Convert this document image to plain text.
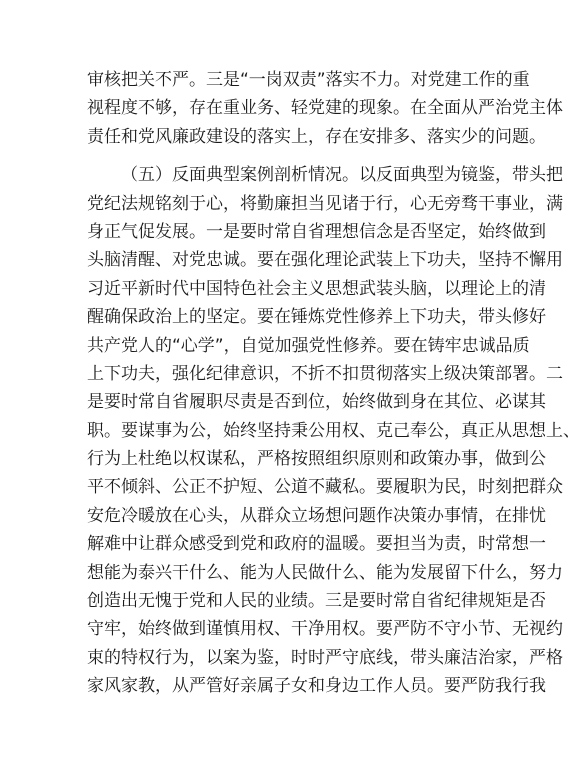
审核把关不严。三是“一岗双责”落实不力。对党建工作的重
视程度不够，存在重业务、轻党建的现象。在全面从严治党主体
责任和党风廉政建设的落实上，存在安排多、落实少的问题。
（五）反面典型案例剖析情况。以反面典型为镜鉴，带头把
党纪法规铭刻于心，将勤廉担当见诸于行，心无旁骛干事业，满
身正气促发展。一是要时常自省理想信念是否坚定，始终做到
头脑清醒、对党忠诚。要在强化理论武装上下功夫，坚持不懈用
习近平新时代中国特色社会主义思想武装头脑，以理论上的清
醒确保政治上的坚定。要在锤炼党性修养上下功夫，带头修好
共产党人的“心学”，自觉加强党性修养。要在铸牢忠诚品质
上下功夫，强化纪律意识，不折不扣贯彻落实上级决策部署。二
是要时常自省履职尽责是否到位，始终做到身在其位、必谋其
职。要谋事为公，始终坚持秉公用权、克己奉公，真正从思想上、
行为上杜绝以权谋私，严格按照组织原则和政策办事，做到公
平不倾斜、公正不护短、公道不藏私。要履职为民，时刻把群众
安危冷暖放在心头，从群众立场想问题作决策办事情，在排忧
解难中让群众感受到党和政府的温暖。要担当为责，时常想一
想能为泰兴干什么、能为人民做什么、能为发展留下什么，努力
创造出无愧于党和人民的业绩。三是要时常自省纪律规矩是否
守牢，始终做到谨慎用权、干净用权。要严防不守小节、无视约
束的特权行为，以案为鉴，时时严守底线，带头廉洁治家，严格
家风家教，从严管好亲属子女和身边工作人员。要严防我行我
